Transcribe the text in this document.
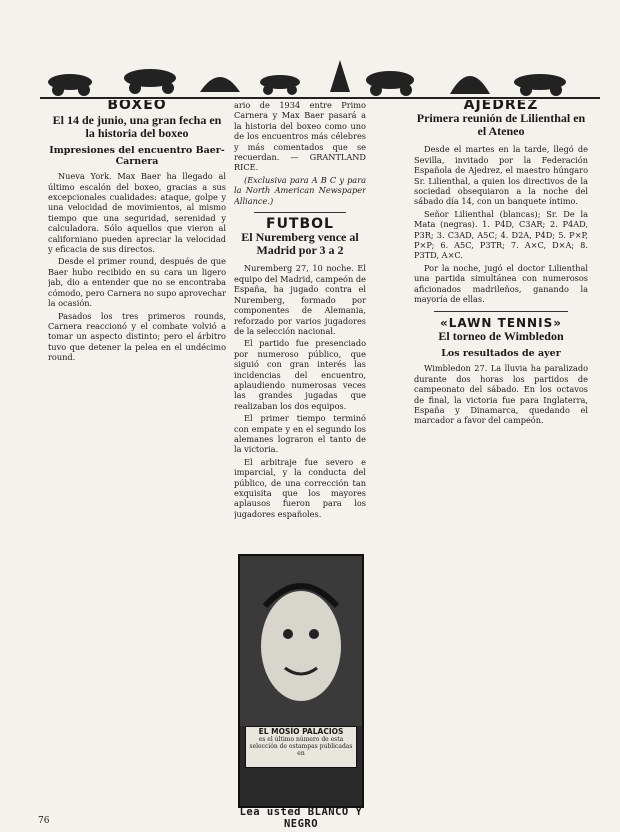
BOXEO
El 14 de junio, una gran fecha en la historia del boxeo
Impresiones del encuentro Baer-Carnera

Nueva York. Max Baer ha llegado al último escalón del boxeo, gracias a sus excepcionales cualidades: ataque, golpe y una velocidad de movimientos, al mismo tiempo que una seguridad, serenidad y calculadora. Sólo aquellos que vieron al californiano pueden apreciar la velocidad y eficacia de sus directos.

Desde el primer round, después de que Baer hubo recibido en su cara un ligero jab, dio a entender que no se encontraba cómodo, pero Carnera no supo aprovechar la ocasión.

Pasados los tres primeros rounds, Carnera reaccionó y el combate volvió a tomar un aspecto distinto; pero el árbitro tuvo que detener la pelea en el undécimo round.

ario de 1934 entre Primo Carnera y Max Baer pasará a la historia del boxeo como uno de los encuentros más célebres y más comentados que se recuerdan. — GRANTLAND RICE.

(Exclusiva para A B C y para la North American Newspaper Alliance.)

FUTBOL
El Nuremberg vence al Madrid por 3 a 2

Nuremberg 27, 10 noche. El equipo del Madrid, campeón de España, ha jugado contra el Nuremberg, formado por componentes de Alemania, reforzado por varios jugadores de la selección nacional.

El partido fue presenciado por numeroso público, que siguió con gran interés las incidencias del encuentro, aplaudiendo numerosas veces las grandes jugadas que realizaban los dos equipos.

El primer tiempo terminó con empate y en el segundo los alemanes lograron el tanto de la victoria.

El arbitraje fue severo e imparcial, y la conducta del público, de una corrección tan exquisita que los mayores aplausos fueron para los jugadores españoles.

EL MOSÍO PALACIOS
es el último número de esta selección de estampas publicadas en
Lea usted BLANCO Y NEGRO
AJEDREZ
Primera reunión de Lilienthal en el Ateneo

Desde el martes en la tarde, llegó de Sevilla, invitado por la Federación Española de Ajedrez, el maestro húngaro Sr. Lilienthal, a quien los directivos de la sociedad obsequiaron a la noche del sábado día 14, con un banquete íntimo.

Señor Lilienthal (blancas); Sr. De la Mata (negras). 1. P4D, C3AR; 2. P4AD, P3R; 3. C3AD, A5C; 4. D2A, P4D; 5. P×P, P×P; 6. A5C, P3TR; 7. A×C, D×A; 8. P3TD, A×C.

Por la noche, jugó el doctor Lilienthal una partida simultánea con numerosos aficionados madrileños, ganando la mayoría de ellas.

«LAWN TENNIS»
El torneo de Wimbledon
Los resultados de ayer

Wimbledon 27. La lluvia ha paralizado durante dos horas los partidos de campeonato del sábado. En los octavos de final, la victoria fue para Inglaterra, España y Dinamarca, quedando el marcador a favor del campeón.

76
